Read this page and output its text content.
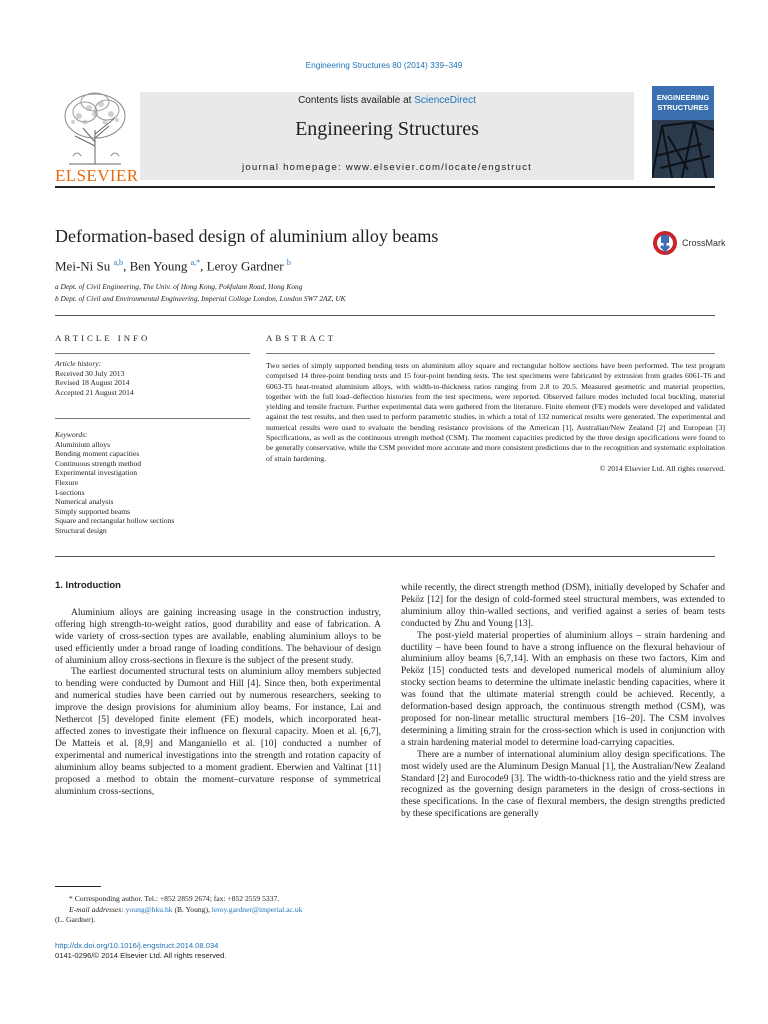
Engineering Structures 80 (2014) 339–349
ELSEVIER
Contents lists available at ScienceDirect
Engineering Structures
journal homepage: www.elsevier.com/locate/engstruct
ENGINEERING
STRUCTURES
Deformation-based design of aluminium alloy beams	CrossMark
Mei-Ni Su $^{a,b}$, Ben Young $^{a,*}$, Leroy Gardner $^b$
a Dept. of Civil Engineering, The Univ. of Hong Kong, Pokfulam Road, Hong Kong
b Dept. of Civil and Environmental Engineering, Imperial College London, London SW7 2AZ, UK
ARTICLE INFO
Article history:
Received 30 July 2013
Revised 18 August 2014
Accepted 21 August 2014
Keywords:
Aluminium alloys
Bending moment capacities
Continuous strength method
Experimental investigation
Flexure
I-sections
Numerical analysis
Simply supported beams
Square and rectangular hollow sections
Structural design
ABSTRACT
Two series of simply supported bending tests on aluminium alloy square and rectangular hollow sections have been performed. The test program comprised 14 three-point bending tests and 15 four-point bending tests. The test specimens were fabricated by extrusion from grades 6061-T6 and 6063-T5 heat-treated aluminium alloys, with width-to-thickness ratios ranging from 2.8 to 20.5. Measured geometric and material properties, together with the full load–deflection histories from the test specimens, were reported. Observed failure modes included local buckling, material yielding and tensile fracture. Further experimental data were gathered from the literature. Finite element (FE) models were developed and validated against the test results, and then used to perform parametric studies, in which a total of 132 numerical results were generated. The experimental and numerical results were used to evaluate the bending resistance provisions of the American [1], Australian/New Zealand [2] and European [3] Specifications, as well as the continuous strength method (CSM). The moment capacities predicted by the three design specifications were found to be generally conservative, while the CSM provided more accurate and more consistent predictions due to the recognition and systematic exploitation of strain hardening.
© 2014 Elsevier Ltd. All rights reserved.
1. Introduction

Aluminium alloys are gaining increasing usage in the construction industry, offering high strength-to-weight ratios, good durability and ease of fabrication. A wide variety of cross-section types are available, enabling aluminium alloys to be used efficiently under a broad range of loading conditions. The behaviour of design of aluminium alloy cross-sections in flexure is the subject of the present study.

The earliest documented structural tests on aluminium alloy members subjected to bending were conducted by Dumont and Hill [4]. Since then, both experimental and numerical studies have been carried out by numerous researchers, seeking to improve the design provisions for aluminium alloy beams. For instance, Lai and Nethercot [5] developed finite element (FE) models, which incorporated heat-affected zones to investigate their influence on flexural capacity. Moen et al. [6,7], De Matteis et al. [8,9] and Manganiello et al. [10] conducted a number of experimental and numerical investigations into the strength and rotation capacity of aluminium alloy beams subjected to a moment gradient. Eberwien and Valtinat [11] proposed a method to obtain the moment–curvature response of symmetrical aluminium cross-sections,

while recently, the direct strength method (DSM), initially developed by Schafer and Peköz [12] for the design of cold-formed steel structural members, was extended to aluminium alloy thin-walled sections, and verified against a series of beam tests conducted by Zhu and Young [13].

The post-yield material properties of aluminium alloys – strain hardening and ductility – have been found to have a strong influence on the flexural behaviour of aluminium alloy beams [6,7,14]. With an emphasis on these two factors, Kim and Peköz [15] conducted tests and developed numerical models of aluminium alloy stocky section beams to determine the ultimate inelastic bending capacities, where it was found that the ultimate material strength could be achieved. Recently, a deformation-based design approach, the continuous strength method (CSM), was proposed for non-linear metallic structural members [16–20]. The CSM involves determining a limiting strain for the cross-section which is used in conjunction with a strain hardening material model to determine load-carrying capacities.

There are a number of international aluminium alloy design specifications. The most widely used are the Aluminum Design Manual [1], the Australian/New Zealand Standard [2] and Eurocode9 [3]. The width-to-thickness ratio and the yield stress are recognized as the governing design parameters in the design of cross-sections in these specifications. In the case of flexural members, the design strengths predicted by these specifications are generally

* Corresponding author. Tel.: +852 2859 2674; fax: +852 2559 5337.
E-mail addresses: young@hku.hk (B. Young), leroy.gardner@imperial.ac.uk
(L. Gardner).
http://dx.doi.org/10.1016/j.engstruct.2014.08.034
0141-0296/© 2014 Elsevier Ltd. All rights reserved.
